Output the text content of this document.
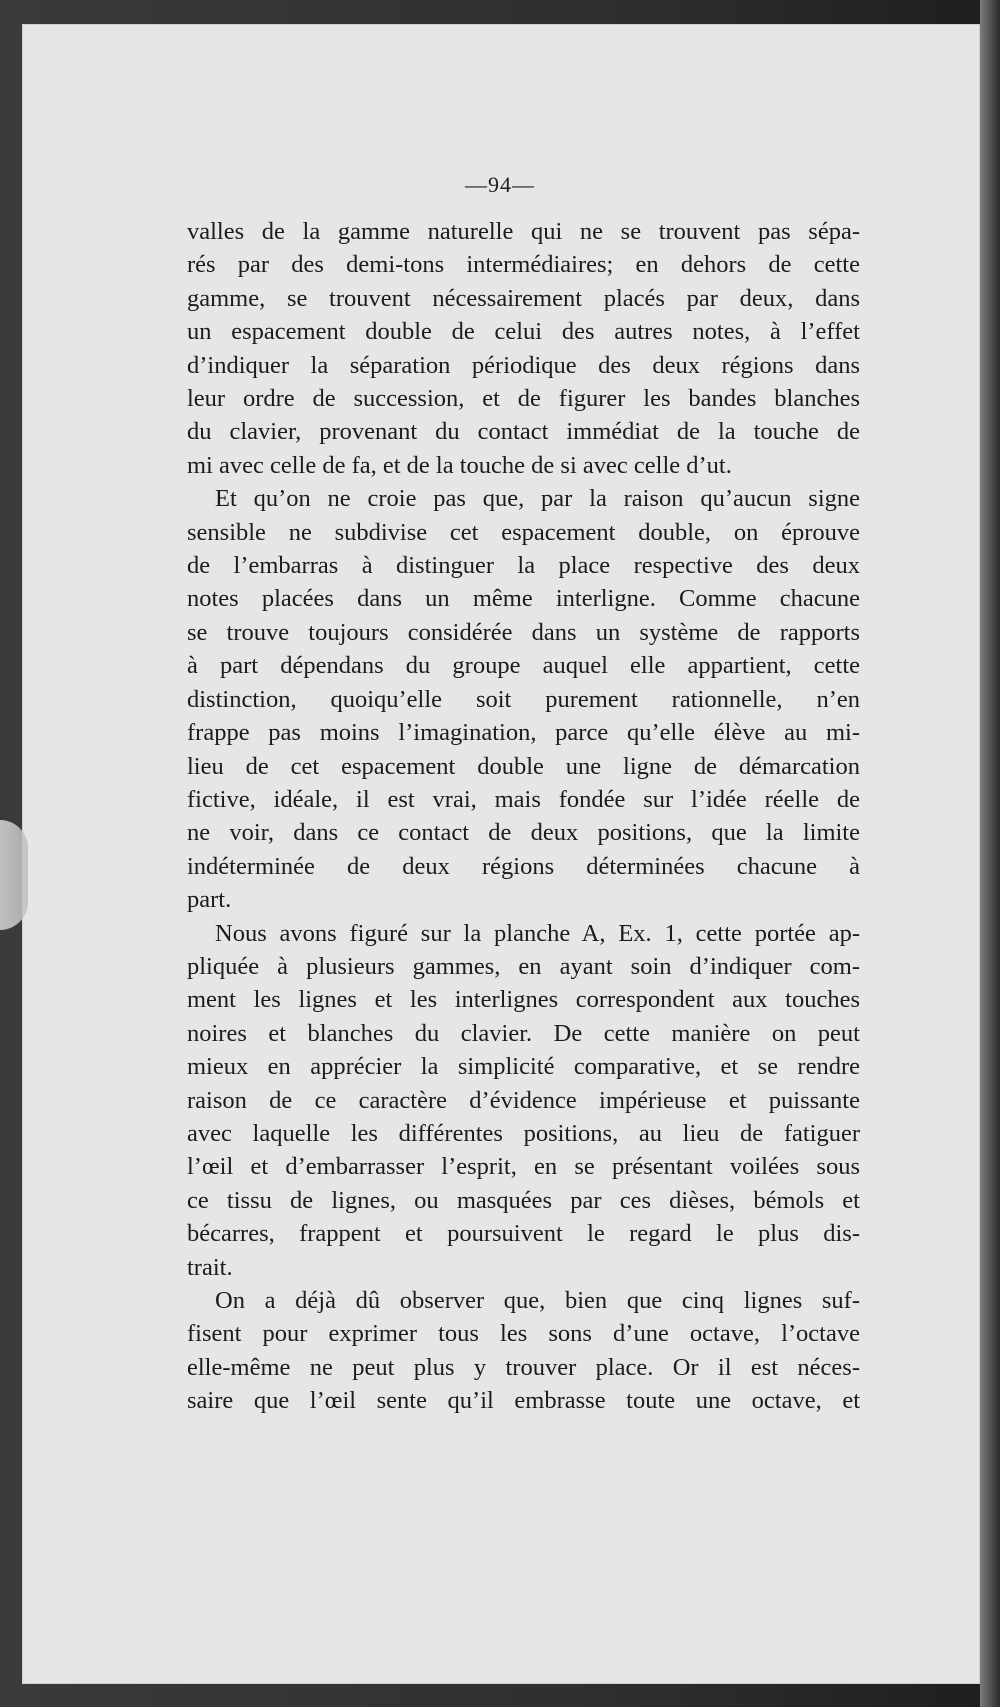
—94—
valles de la gamme naturelle qui ne se trouvent pas sépa-
rés par des demi-tons intermédiaires; en dehors de cette
gamme, se trouvent nécessairement placés par deux, dans
un espacement double de celui des autres notes, à l’effet
d’indiquer la séparation périodique des deux régions dans
leur ordre de succession, et de figurer les bandes blanches
du clavier, provenant du contact immédiat de la touche de
mi avec celle de fa, et de la touche de si avec celle d’ut.
Et qu’on ne croie pas que, par la raison qu’aucun signe
sensible ne subdivise cet espacement double, on éprouve
de l’embarras à distinguer la place respective des deux
notes placées dans un même interligne. Comme chacune
se trouve toujours considérée dans un système de rapports
à part dépendans du groupe auquel elle appartient, cette
distinction, quoiqu’elle soit purement rationnelle, n’en
frappe pas moins l’imagination, parce qu’elle élève au mi-
lieu de cet espacement double une ligne de démarcation
fictive, idéale, il est vrai, mais fondée sur l’idée réelle de
ne voir, dans ce contact de deux positions, que la limite
indéterminée de deux régions déterminées chacune à
part.
Nous avons figuré sur la planche A, Ex. 1, cette portée ap-
pliquée à plusieurs gammes, en ayant soin d’indiquer com-
ment les lignes et les interlignes correspondent aux touches
noires et blanches du clavier. De cette manière on peut
mieux en apprécier la simplicité comparative, et se rendre
raison de ce caractère d’évidence impérieuse et puissante
avec laquelle les différentes positions, au lieu de fatiguer
l’œil et d’embarrasser l’esprit, en se présentant voilées sous
ce tissu de lignes, ou masquées par ces dièses, bémols et
bécarres, frappent et poursuivent le regard le plus dis-
trait.
On a déjà dû observer que, bien que cinq lignes suf-
fisent pour exprimer tous les sons d’une octave, l’octave
elle-même ne peut plus y trouver place. Or il est néces-
saire que l’œil sente qu’il embrasse toute une octave, et
